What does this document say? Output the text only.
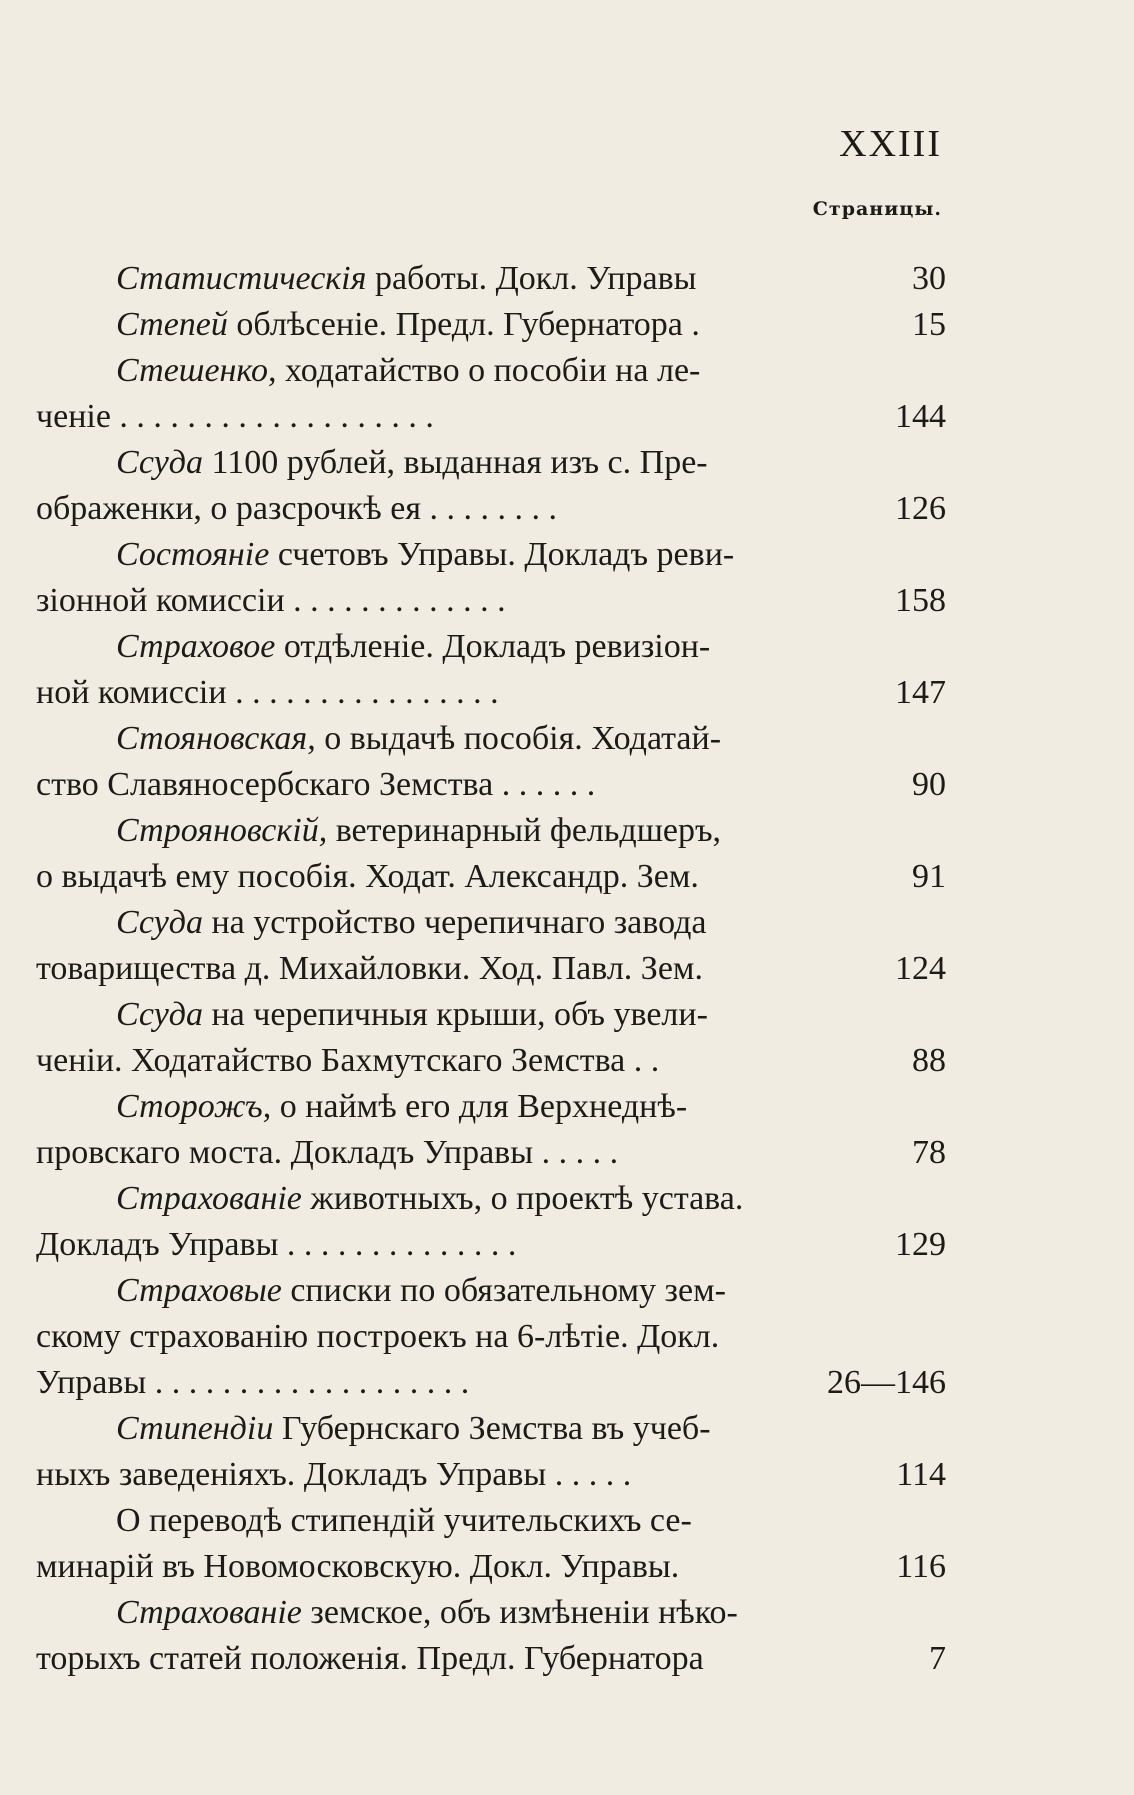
XXIII
Страницы.
Статистическія работы. Докл. Управы	30
Степей облѣсеніе. Предл. Губернатора .	15
Стешенко, ходатайство о пособіи на ле-
ченіе . . . . . . . . . . . . . . . . . . .	144
Ссуда 1100 рублей, выданная изъ с. Пре-
ображенки, о разсрочкѣ ея . . . . . . . .	126
Состояніе счетовъ Управы. Докладъ реви-
зіонной комиссіи . . . . . . . . . . . . .	158
Страховое отдѣленіе. Докладъ ревизіон-
ной комиссіи . . . . . . . . . . . . . . . .	147
Стояновская, о выдачѣ пособія. Ходатай-
ство Славяносербскаго Земства . . . . . .	90
Строяновскій, ветеринарный фельдшеръ,
о выдачѣ ему пособія. Ходат. Александр. Зем.	91
Ссуда на устройство черепичнаго завода
товарищества д. Михайловки. Ход. Павл. Зем.	124
Ссуда на черепичныя крыши, объ увели-
ченіи. Ходатайство Бахмутскаго Земства . .	88
Сторожъ, о наймѣ его для Верхнеднѣ-
провскаго моста. Докладъ Управы . . . . .	78
Страхованіе животныхъ, о проектѣ устава.
Докладъ Управы . . . . . . . . . . . . . .	129
Страховые списки по обязательному зем-
скому страхованію построекъ на 6-лѣтіе. Докл.
Управы . . . . . . . . . . . . . . . . . . .	26—146
Стипендіи Губернскаго Земства въ учеб-
ныхъ заведеніяхъ. Докладъ Управы . . . . .	114
О переводѣ стипендій учительскихъ се-
минарій въ Новомосковскую. Докл. Управы.	116
Страхованіе земское, объ измѣненіи нѣко-
торыхъ статей положенія. Предл. Губернатора	7
